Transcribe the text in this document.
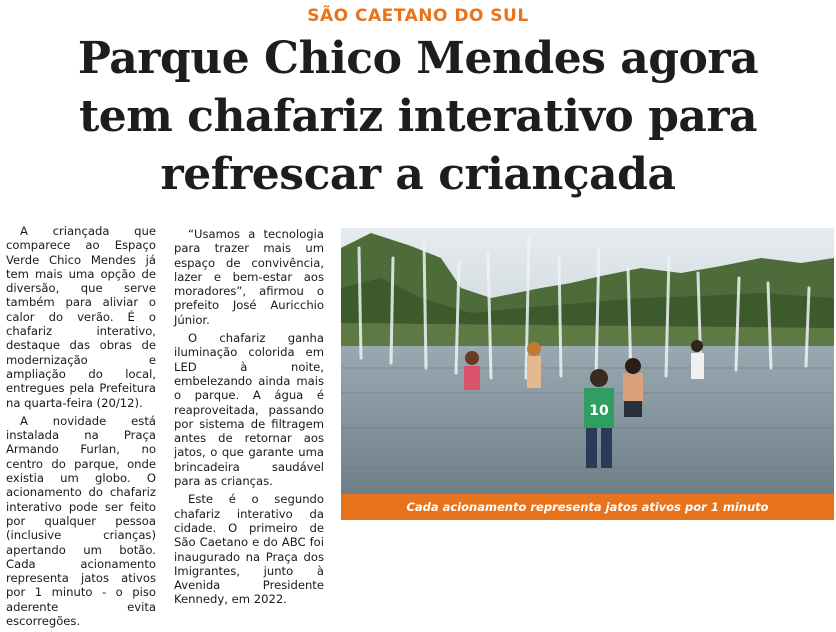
SÃO CAETANO DO SUL
Parque Chico Mendes agora
tem chafariz interativo para
refrescar a criançada

A criançada que comparece ao Espaço Verde Chico Mendes já tem mais uma opção de diversão, que serve também para aliviar o calor do verão. É o chafariz interativo, destaque das obras de modernização e ampliação do local, entregues pela Prefeitura na quarta-feira (20/12).

A novidade está instalada na Praça Armando Furlan, no centro do parque, onde existia um globo. O acionamento do chafariz interativo pode ser feito por qualquer pessoa (inclusive crianças) apertando um botão. Cada acionamento representa jatos ativos por 1 minuto - o piso aderente evita escorregões.

“Usamos a tecnologia para trazer mais um espaço de convivência, lazer e bem-estar aos moradores”, afirmou o prefeito José Auricchio Júnior.

O chafariz ganha iluminação colorida em LED à noite, embelezando ainda mais o parque. A água é reaproveitada, passando por sistema de filtragem antes de retornar aos jatos, o que garante uma brincadeira saudável para as crianças.

Este é o segundo chafariz interativo da cidade. O primeiro de São Caetano e do ABC foi inaugurado na Praça dos Imigrantes, junto à Avenida Presidente Kennedy, em 2022.

10
Cada acionamento representa jatos ativos por 1 minuto
